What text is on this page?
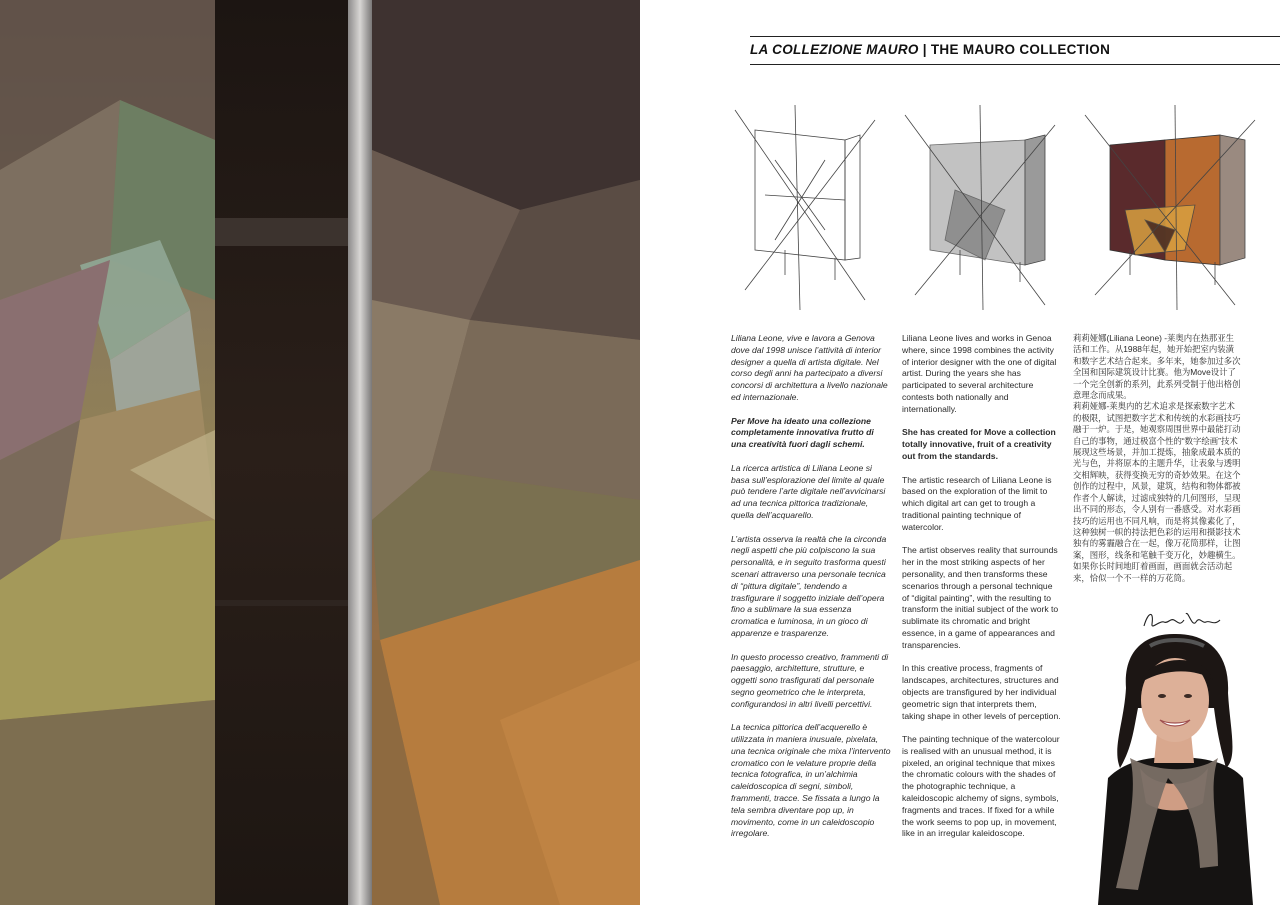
LA COLLEZIONE MAURO | THE MAURO COLLECTION

Liliana Leone, vive e lavora a Genova dove dal 1998 unisce l’attività di interior designer a quella di artista digitale. Nel corso degli anni ha partecipato a diversi concorsi di architettura a livello nazionale ed internazionale.

Per Move ha ideato una collezione completamente innovativa frutto di una creatività fuori dagli schemi.

La ricerca artistica di Liliana Leone si basa sull’esplorazione del limite al quale può tendere l’arte digitale nell’avvicinarsi ad una tecnica pittorica tradizionale, quella dell’acquarello.

L’artista osserva la realtà che la circonda negli aspetti che più colpiscono la sua personalità, e in seguito trasforma questi scenari attraverso una personale tecnica di “pittura digitale”, tendendo a trasfigurare il soggetto iniziale dell’opera fino a sublimare la sua essenza cromatica e luminosa, in un gioco di apparenze e trasparenze.

In questo processo creativo, frammenti di paesaggio, architetture, strutture, e oggetti sono trasfigurati dal personale segno geometrico che le interpreta, configurandosi in altri livelli percettivi.

La tecnica pittorica dell’acquerello è utilizzata in maniera inusuale, pixelata, una tecnica originale che mixa l’intervento cromatico con le velature proprie della tecnica fotografica, in un’alchimia caleidoscopica di segni, simboli, frammenti, tracce. Se fissata a lungo la tela sembra diventare pop up, in movimento, come in un caleidoscopio irregolare.

Liliana Leone lives and works in Genoa where, since 1998 combines the activity of interior designer with the one of digital artist. During the years she has participated to several architecture contests both nationally and internationally.

She has created for Move a collection totally innovative, fruit of a creativity out from the standards.

The artistic research of Liliana Leone is based on the exploration of the limit to which digital art can get to trough a traditional painting technique of watercolor.

The artist observes reality that surrounds her in the most striking aspects of her personality, and then transforms these scenarios through a personal technique of “digital painting”, with the resulting to transform the initial subject of the work to sublimate its chromatic and bright essence, in a game of appearances and transparencies.

In this creative process, fragments of landscapes, architectures, structures and objects are transfigured by her individual geometric sign that interprets them, taking shape in other levels of perception.

The painting technique of the watercolour is realised with an unusual method, it is pixeled, an original technique that mixes the chromatic colours with the shades of the photographic technique, a kaleidoscopic alchemy of signs, symbols, fragments and traces. If fixed for a while the work seems to pop up, in movement, like in an irregular kaleidoscope.

莉莉娅娜(Liliana Leone) -莱奥内在热那亚生活和工作。从1988年起，她开始把室内装潢和数字艺术结合起来。多年来，她参加过多次全国和国际建筑设计比赛。他为Move设计了一个完全创新的系列，此系列受制于他出格创意理念而成果。

莉莉娅娜-莱奥内的艺术追求是探索数字艺术的极限，试图把数字艺术和传统的水彩画技巧融于一炉。于是，她观察周围世界中最能打动自己的事物，通过极富个性的“数字绘画”技术展现这些场景，并加工提炼，抽象成最本质的光与色，并将原本的主题升华，让表象与透明交相辉映，获得变换无穷的奇妙效果。在这个创作的过程中，风景，建筑，结构和物体都被作者个人解读，过滤成独特的几何图形，呈现出不同的形态，令人别有一番感受。对水彩画技巧的运用也不同凡响，而是将其像素化了，这种独树一帜的持法把色彩的运用和摄影技术独有的雾霾融合在一起，像万花筒那样，让图案，图形，线条和笔触千变万化，妙趣横生。如果你长时间地盯着画面，画面就会活动起来，恰似一个不一样的万花筒。
